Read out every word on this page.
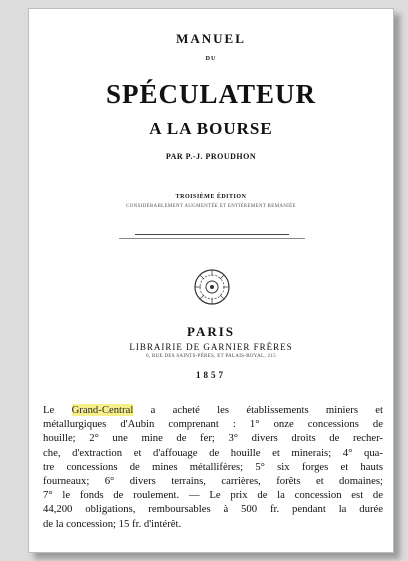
MANUEL
DU
SPÉCULATEUR
A LA BOURSE
PAR P.-J. PROUDHON
TROISIÈME ÉDITION
CONSIDÉRABLEMENT AUGMENTÉE ET ENTIÈREMENT REMANIÉE
PARIS
LIBRAIRIE DE GARNIER FRÈRES
6, RUE DES SAINTS-PÈRES, ET PALAIS-ROYAL, 215
1857
Le Grand-Central a acheté les établissements miniers et
métallurgiques d'Aubin comprenant : 1° onze concessions de
houille; 2° une mine de fer; 3° divers droits de recher-
che, d'extraction et d'affouage de houille et minerais; 4° qua-
tre concessions de mines métallifères; 5° six forges et hauts
fourneaux; 6° divers terrains, carrières, forêts et domaines;
7° le fonds de roulement. — Le prix de la concession est de
44,200 obligations, remboursables à 500 fr. pendant la durée
de la concession; 15 fr. d'intérêt.
